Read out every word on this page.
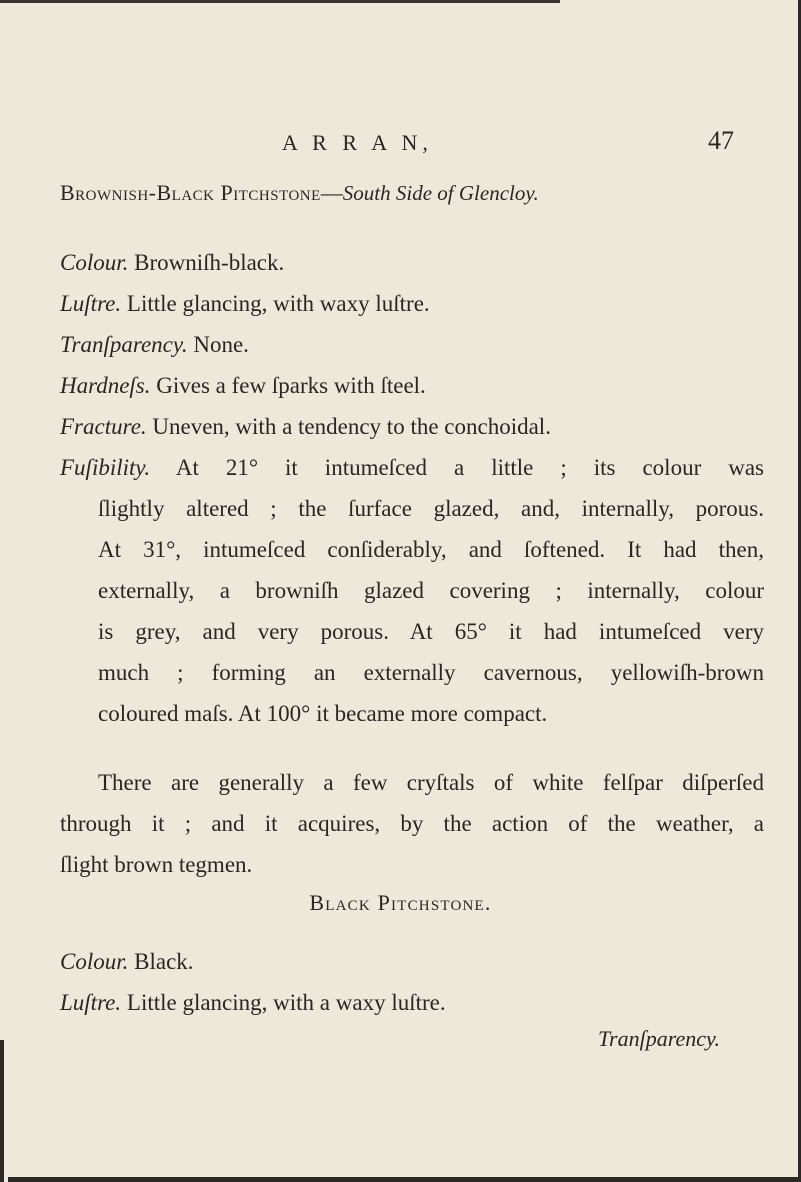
A R R A N,	47
Brownish-Black Pitchstone—South Side of Glencloy.
Colour. Browniſh-black.
Luſtre. Little glancing, with waxy luſtre.
Tranſparency. None.
Hardneſs. Gives a few ſparks with ſteel.
Fracture. Uneven, with a tendency to the conchoidal.
Fuſibility. At 21° it intumeſced a little ; its colour was
ſlightly altered ; the ſurface glazed, and, internally, porous.
At 31°, intumeſced conſiderably, and ſoftened. It had then,
externally, a browniſh glazed covering ; internally, colour
is grey, and very porous. At 65° it had intumeſced very
much ; forming an externally cavernous, yellowiſh-brown
coloured maſs. At 100° it became more compact.
There are generally a few cryſtals of white felſpar diſperſed
through it ; and it acquires, by the action of the weather, a
ſlight brown tegmen.
Black Pitchstone.
Colour. Black.
Luſtre. Little glancing, with a waxy luſtre.
Tranſparency.
